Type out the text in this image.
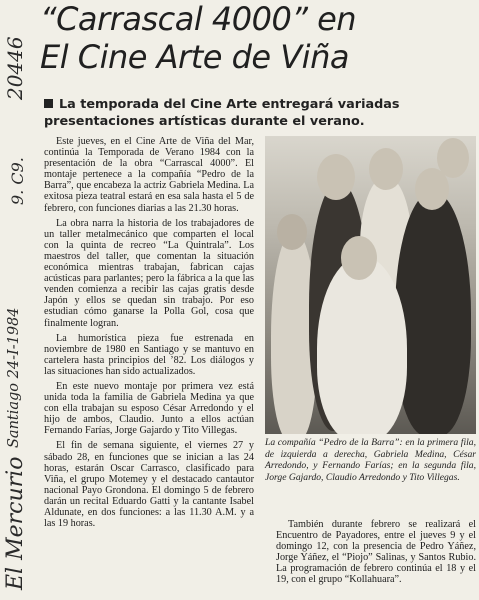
“Carrascal 4000” en
El Cine Arte de Viña
La temporada del Cine Arte entregará variadas presentaciones artísticas durante el verano.

Este jueves, en el Cine Arte de Viña del Mar, continúa la Temporada de Verano 1984 con la presentación de la obra “Carrascal 4000”. El montaje pertenece a la compañía “Pedro de la Barra”, que encabeza la actriz Gabriela Medina. La exitosa pieza teatral estará en esa sala hasta el 5 de febrero, con funciones diarias a las 21.30 horas.

La obra narra la historia de los trabajadores de un taller metalmecánico que comparten el local con la quinta de recreo “La Quintrala”. Los maestros del taller, que comentan la situación económica mientras trabajan, fabrican cajas acústicas para parlantes; pero la fábrica a la que las venden comienza a recibir las cajas gratis desde Japón y ellos se quedan sin trabajo. Por eso estudian cómo ganarse la Polla Gol, cosa que finalmente logran.

La humorística pieza fue estrenada en noviembre de 1980 en Santiago y se mantuvo en cartelera hasta principios del ’82. Los diálogos y las situaciones han sido actualizados.

En este nuevo montaje por primera vez está unida toda la familia de Gabriela Medina ya que con ella trabajan su esposo César Arredondo y el hijo de ambos, Claudio. Junto a ellos actúan Fernando Farías, Jorge Gajardo y Tito Villegas.

El fin de semana siguiente, el viernes 27 y sábado 28, en funciones que se inician a las 24 horas, estarán Oscar Carrasco, clasificado para Viña, el grupo Motemey y el destacado cantautor nacional Payo Grondona. El domingo 5 de febrero darán un recital Eduardo Gatti y la cantante Isabel Aldunate, en dos funciones: a las 11.30 A.M. y a las 19 horas.

La compañía “Pedro de la Barra”: en la primera fila, de izquierda a derecha, Gabriela Medina, César Arredondo, y Fernando Farías; en la segunda fila, Jorge Gajardo, Claudio Arredondo y Tito Villegas.

También durante febrero se realizará el Encuentro de Payadores, entre el jueves 9 y el domingo 12, con la presencia de Pedro Yáñez, Jorge Yáñez, el “Piojo” Salinas, y Santos Rubio. La programación de febrero continúa el 18 y el 19, con el grupo “Kollahuara”.

20446
9. C9.
El Mercurio
Santiago 24-I-1984
